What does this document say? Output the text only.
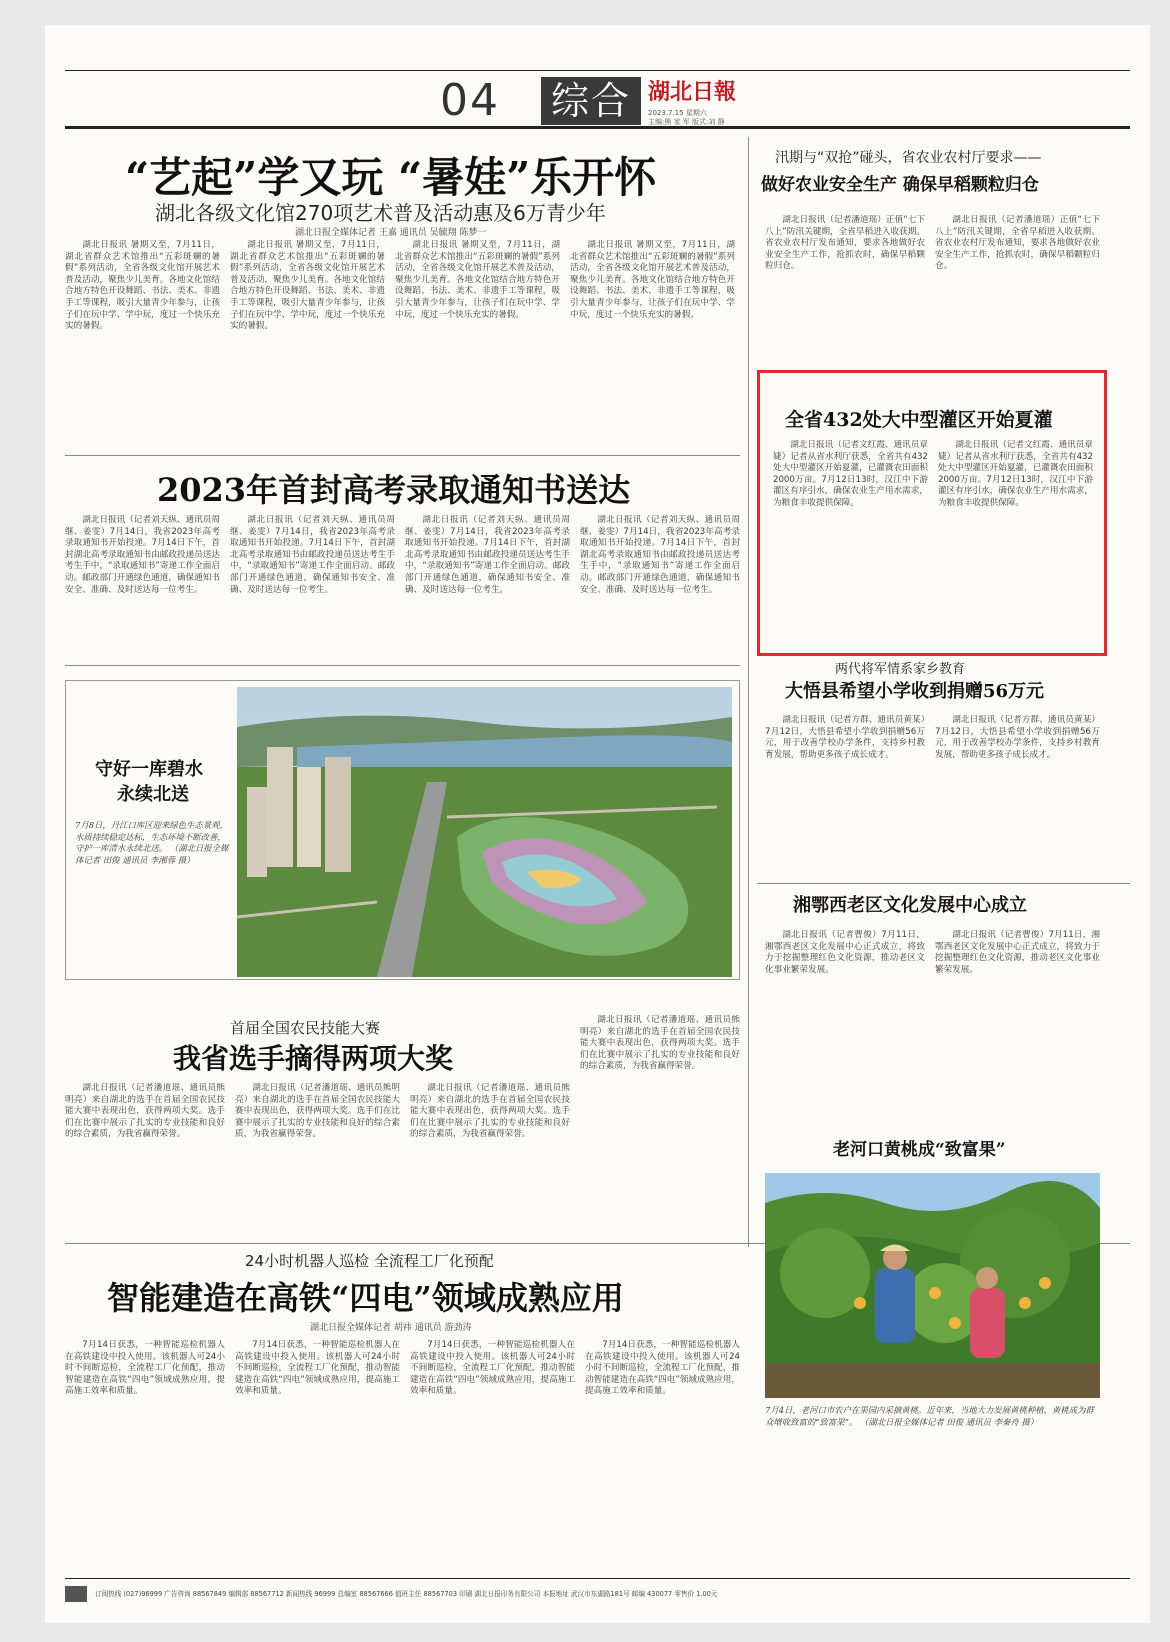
04 综合 湖北日報
2023.7.15 星期六
主编:熊 家 军 版式:刘 静
“艺起”学又玩 “暑娃”乐开怀
湖北各级文化馆270项艺术普及活动惠及6万青少年
湖北日报全媒体记者 王嘉 通讯员 吴毓翔 陈梦一

湖北日报讯 暑期又至，7月11日，湖北省群众艺术馆推出“五彩斑斓的暑假”系列活动，全省各级文化馆开展艺术普及活动，聚焦少儿美育。各地文化馆结合地方特色开设舞蹈、书法、美术、非遗手工等课程，吸引大量青少年参与，让孩子们在玩中学、学中玩，度过一个快乐充实的暑假。

湖北日报讯 暑期又至，7月11日，湖北省群众艺术馆推出“五彩斑斓的暑假”系列活动，全省各级文化馆开展艺术普及活动，聚焦少儿美育。各地文化馆结合地方特色开设舞蹈、书法、美术、非遗手工等课程，吸引大量青少年参与，让孩子们在玩中学、学中玩，度过一个快乐充实的暑假。

湖北日报讯 暑期又至，7月11日，湖北省群众艺术馆推出“五彩斑斓的暑假”系列活动，全省各级文化馆开展艺术普及活动，聚焦少儿美育。各地文化馆结合地方特色开设舞蹈、书法、美术、非遗手工等课程，吸引大量青少年参与，让孩子们在玩中学、学中玩，度过一个快乐充实的暑假。

湖北日报讯 暑期又至，7月11日，湖北省群众艺术馆推出“五彩斑斓的暑假”系列活动，全省各级文化馆开展艺术普及活动，聚焦少儿美育。各地文化馆结合地方特色开设舞蹈、书法、美术、非遗手工等课程，吸引大量青少年参与，让孩子们在玩中学、学中玩，度过一个快乐充实的暑假。

2023年首封高考录取通知书送达

湖北日报讯（记者刘天纵、通讯员周继、姜雯）7月14日，我省2023年高考录取通知书开始投递。7月14日下午，首封湖北高考录取通知书由邮政投递员送达考生手中，“录取通知书”寄递工作全面启动。邮政部门开通绿色通道，确保通知书安全、准确、及时送达每一位考生。

湖北日报讯（记者刘天纵、通讯员周继、姜雯）7月14日，我省2023年高考录取通知书开始投递。7月14日下午，首封湖北高考录取通知书由邮政投递员送达考生手中，“录取通知书”寄递工作全面启动。邮政部门开通绿色通道，确保通知书安全、准确、及时送达每一位考生。

湖北日报讯（记者刘天纵、通讯员周继、姜雯）7月14日，我省2023年高考录取通知书开始投递。7月14日下午，首封湖北高考录取通知书由邮政投递员送达考生手中，“录取通知书”寄递工作全面启动。邮政部门开通绿色通道，确保通知书安全、准确、及时送达每一位考生。

湖北日报讯（记者刘天纵、通讯员周继、姜雯）7月14日，我省2023年高考录取通知书开始投递。7月14日下午，首封湖北高考录取通知书由邮政投递员送达考生手中，“录取通知书”寄递工作全面启动。邮政部门开通绿色通道，确保通知书安全、准确、及时送达每一位考生。

守好一库碧水
永续北送
7月8日，丹江口库区迎来绿色生态景观，水质持续稳定达标，生态环境不断改善，守护一库清水永续北送。 （湖北日报全媒体记者 田俊 通讯员 李湘蓉 摄）
首届全国农民技能大赛
我省选手摘得两项大奖

湖北日报讯（记者潘道瑶、通讯员熊明亮）来自湖北的选手在首届全国农民技能大赛中表现出色，获得两项大奖。选手们在比赛中展示了扎实的专业技能和良好的综合素质，为我省赢得荣誉。

湖北日报讯（记者潘道瑶、通讯员熊明亮）来自湖北的选手在首届全国农民技能大赛中表现出色，获得两项大奖。选手们在比赛中展示了扎实的专业技能和良好的综合素质，为我省赢得荣誉。

湖北日报讯（记者潘道瑶、通讯员熊明亮）来自湖北的选手在首届全国农民技能大赛中表现出色，获得两项大奖。选手们在比赛中展示了扎实的专业技能和良好的综合素质，为我省赢得荣誉。

湖北日报讯（记者潘道瑶、通讯员熊明亮）来自湖北的选手在首届全国农民技能大赛中表现出色，获得两项大奖。选手们在比赛中展示了扎实的专业技能和良好的综合素质，为我省赢得荣誉。

24小时机器人巡检 全流程工厂化预配
智能建造在高铁“四电”领域成熟应用
湖北日报全媒体记者 胡祎 通讯员 游劲涛

7月14日获悉，一种智能巡检机器人在高铁建设中投入使用。该机器人可24小时不间断巡检，全流程工厂化预配，推动智能建造在高铁“四电”领域成熟应用，提高施工效率和质量。

7月14日获悉，一种智能巡检机器人在高铁建设中投入使用。该机器人可24小时不间断巡检，全流程工厂化预配，推动智能建造在高铁“四电”领域成熟应用，提高施工效率和质量。

7月14日获悉，一种智能巡检机器人在高铁建设中投入使用。该机器人可24小时不间断巡检，全流程工厂化预配，推动智能建造在高铁“四电”领域成熟应用，提高施工效率和质量。

7月14日获悉，一种智能巡检机器人在高铁建设中投入使用。该机器人可24小时不间断巡检，全流程工厂化预配，推动智能建造在高铁“四电”领域成熟应用，提高施工效率和质量。

汛期与“双抢”碰头，省农业农村厅要求——
做好农业安全生产 确保早稻颗粒归仓

湖北日报讯（记者潘道瑶）正值“七下八上”防汛关键期，全省早稻进入收获期。省农业农村厅发布通知，要求各地做好农业安全生产工作，抢抓农时，确保早稻颗粒归仓。

湖北日报讯（记者潘道瑶）正值“七下八上”防汛关键期，全省早稻进入收获期。省农业农村厅发布通知，要求各地做好农业安全生产工作，抢抓农时，确保早稻颗粒归仓。

全省432处大中型灌区开始夏灌

湖北日报讯（记者文红霞、通讯员章婕）记者从省水利厅获悉，全省共有432处大中型灌区开始夏灌，已灌溉农田面积2000万亩。7月12日13时，汉江中下游灌区有序引水，确保农业生产用水需求，为粮食丰收提供保障。

湖北日报讯（记者文红霞、通讯员章婕）记者从省水利厅获悉，全省共有432处大中型灌区开始夏灌，已灌溉农田面积2000万亩。7月12日13时，汉江中下游灌区有序引水，确保农业生产用水需求，为粮食丰收提供保障。

两代将军情系家乡教育
大悟县希望小学收到捐赠56万元

湖北日报讯（记者方群、通讯员黄某）7月12日，大悟县希望小学收到捐赠56万元，用于改善学校办学条件，支持乡村教育发展，帮助更多孩子成长成才。

湖北日报讯（记者方群、通讯员黄某）7月12日，大悟县希望小学收到捐赠56万元，用于改善学校办学条件，支持乡村教育发展，帮助更多孩子成长成才。

湘鄂西老区文化发展中心成立

湖北日报讯（记者曹俊）7月11日，湘鄂西老区文化发展中心正式成立，将致力于挖掘整理红色文化资源，推动老区文化事业繁荣发展。

湖北日报讯（记者曹俊）7月11日，湘鄂西老区文化发展中心正式成立，将致力于挖掘整理红色文化资源，推动老区文化事业繁荣发展。

老河口黄桃成“致富果”
7月4日，老河口市农户在果园内采摘黄桃。近年来，当地大力发展黄桃种植，黄桃成为群众增收致富的“致富果”。 （湖北日报全媒体记者 田俊 通讯员 李秦舟 摄）
订阅热线 (027)96999 广告咨询 88567849 编辑部 88567712 新闻热线 96999 总编室 88567666 值班主任 88567703 印刷 湖北日报印务有限公司 本报地址 武汉市东湖路181号 邮编 430077 零售价 1.00元
